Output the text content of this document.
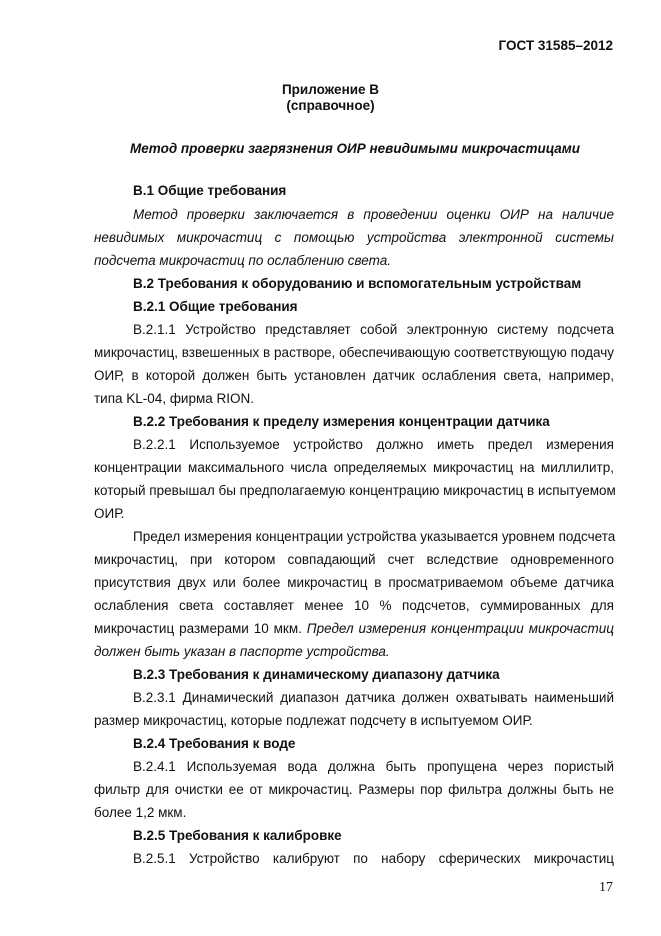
ГОСТ 31585–2012
Приложение В
(справочное)
Метод проверки загрязнения ОИР невидимыми микрочастицами
В.1 Общие требования
Метод проверки заключается в проведении оценки ОИР на наличие
невидимых микрочастиц с помощью устройства электронной системы
подсчета микрочастиц по ослаблению света.
В.2 Требования к оборудованию и вспомогательным устройствам
В.2.1 Общие требования
В.2.1.1 Устройство представляет собой электронную систему подсчета
микрочастиц, взвешенных в растворе, обеспечивающую соответствующую подачу
ОИР, в которой должен быть установлен датчик ослабления света, например,
типа KL-04, фирма RION.
В.2.2 Требования к пределу измерения концентрации датчика
В.2.2.1 Используемое устройство должно иметь предел измерения
концентрации максимального числа определяемых микрочастиц на миллилитр,
который превышал бы предполагаемую концентрацию микрочастиц в испытуемом
ОИР.
Предел измерения концентрации устройства указывается уровнем подсчета
микрочастиц, при котором совпадающий счет вследствие одновременного
присутствия двух или более микрочастиц в просматриваемом объеме датчика
ослабления света составляет менее 10 % подсчетов, суммированных для
микрочастиц размерами 10 мкм. Предел измерения концентрации микрочастиц
должен быть указан в паспорте устройства.
В.2.3 Требования к динамическому диапазону датчика
В.2.3.1 Динамический диапазон датчика должен охватывать наименьший
размер микрочастиц, которые подлежат подсчету в испытуемом ОИР.
В.2.4 Требования к воде
В.2.4.1 Используемая вода должна быть пропущена через пористый
фильтр для очистки ее от микрочастиц. Размеры пор фильтра должны быть не
более 1,2 мкм.
В.2.5 Требования к калибровке
В.2.5.1 Устройство калибруют по набору сферических микрочастиц
17
